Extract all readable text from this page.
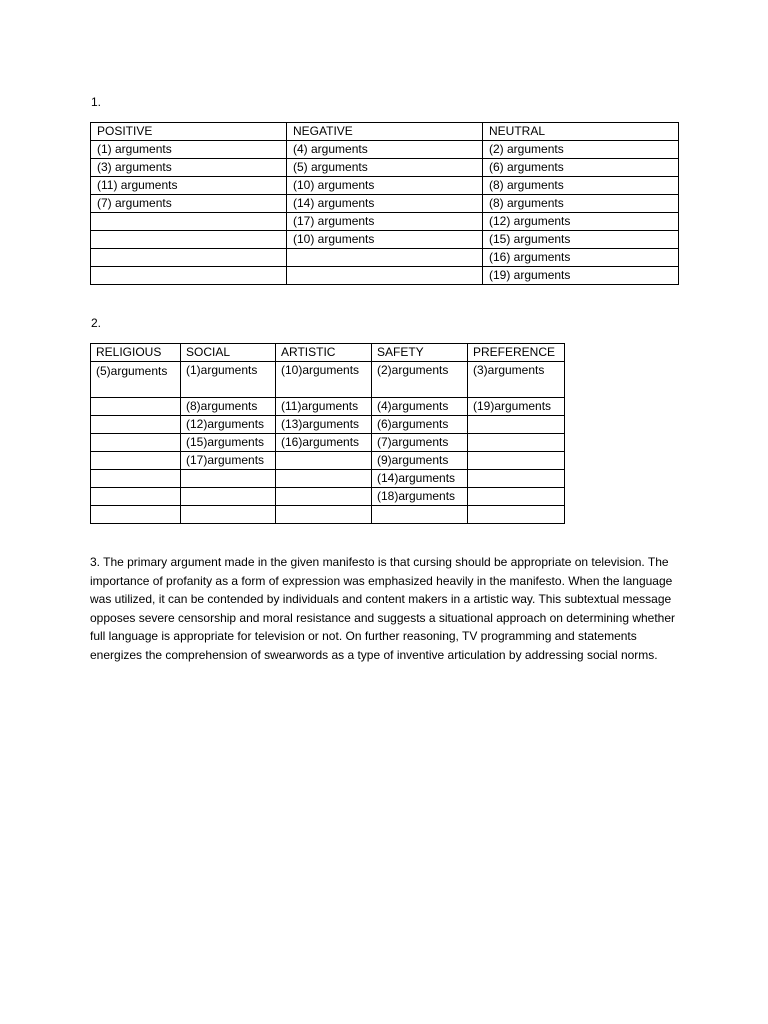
1.
POSITIVE	NEGATIVE	NEUTRAL
(1) arguments	(4) arguments	(2) arguments
(3) arguments	(5) arguments	(6) arguments
(11) arguments	(10) arguments	(8) arguments
(7) arguments	(14) arguments	(8) arguments
	(17) arguments	(12) arguments
	(10) arguments	(15) arguments
		(16) arguments
		(19) arguments
2.
RELIGIOUS	SOCIAL	ARTISTIC	SAFETY	PREFERENCE
(5)arguments	(1)arguments	(10)arguments	(2)arguments	(3)arguments
	(8)arguments	(11)arguments	(4)arguments	(19)arguments
	(12)arguments	(13)arguments	(6)arguments	
	(15)arguments	(16)arguments	(7)arguments	
	(17)arguments		(9)arguments	
			(14)arguments	
			(18)arguments	

3. The primary argument made in the given manifesto is that cursing should be appropriate on television. The importance of profanity as a form of expression was emphasized heavily in the manifesto. When the language was utilized, it can be contended by individuals and content makers in a artistic way. This subtextual message opposes severe censorship and moral resistance and suggests a situational approach on determining whether full language is appropriate for television or not. On further reasoning, TV programming and statements energizes the comprehension of swearwords as a type of inventive articulation by addressing social norms.
